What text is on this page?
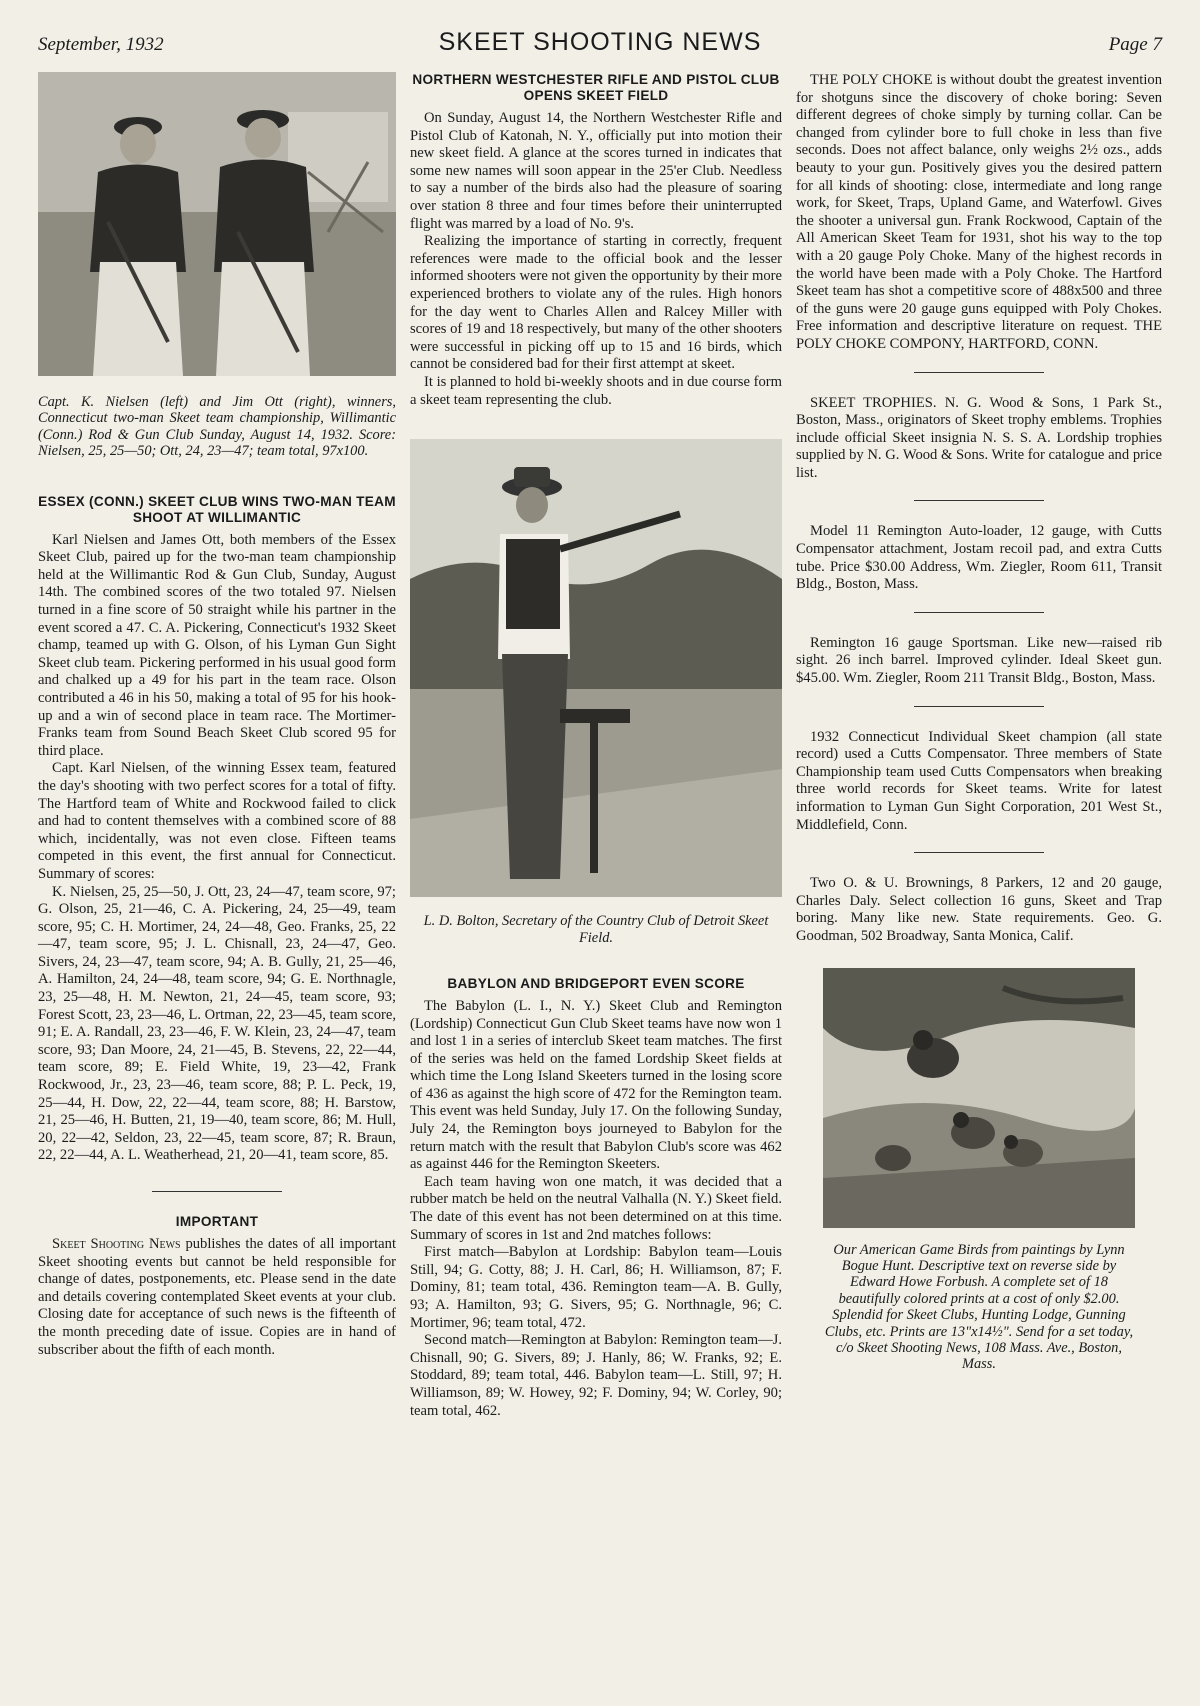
September, 1932	SKEET SHOOTING NEWS	Page 7
Capt. K. Nielsen (left) and Jim Ott (right), winners, Connecticut two-man Skeet team championship, Willimantic (Conn.) Rod & Gun Club Sunday, August 14, 1932. Score: Nielsen, 25, 25—50; Ott, 24, 23—47; team total, 97x100.
ESSEX (CONN.) SKEET CLUB WINS TWO-MAN TEAM SHOOT AT WILLIMANTIC

Karl Nielsen and James Ott, both members of the Essex Skeet Club, paired up for the two-man team championship held at the Willimantic Rod & Gun Club, Sunday, August 14th. The combined scores of the two totaled 97. Nielsen turned in a fine score of 50 straight while his partner in the event scored a 47. C. A. Pickering, Connecticut's 1932 Skeet champ, teamed up with G. Olson, of his Lyman Gun Sight Skeet club team. Pickering performed in his usual good form and chalked up a 49 for his part in the team race. Olson contributed a 46 in his 50, making a total of 95 for his hook-up and a win of second place in team race. The Mortimer-Franks team from Sound Beach Skeet Club scored 95 for third place.

Capt. Karl Nielsen, of the winning Essex team, featured the day's shooting with two perfect scores for a total of fifty. The Hartford team of White and Rockwood failed to click and had to content themselves with a combined score of 88 which, incidentally, was not even close. Fifteen teams competed in this event, the first annual for Connecticut. Summary of scores:

K. Nielsen, 25, 25—50, J. Ott, 23, 24—47, team score, 97; G. Olson, 25, 21—46, C. A. Pickering, 24, 25—49, team score, 95; C. H. Mortimer, 24, 24—48, Geo. Franks, 25, 22—47, team score, 95; J. L. Chisnall, 23, 24—47, Geo. Sivers, 24, 23—47, team score, 94; A. B. Gully, 21, 25—46, A. Hamilton, 24, 24—48, team score, 94; G. E. Northnagle, 23, 25—48, H. M. Newton, 21, 24—45, team score, 93; Forest Scott, 23, 23—46, L. Ortman, 22, 23—45, team score, 91; E. A. Randall, 23, 23—46, F. W. Klein, 23, 24—47, team score, 93; Dan Moore, 24, 21—45, B. Stevens, 22, 22—44, team score, 89; E. Field White, 19, 23—42, Frank Rockwood, Jr., 23, 23—46, team score, 88; P. L. Peck, 19, 25—44, H. Dow, 22, 22—44, team score, 88; H. Barstow, 21, 25—46, H. Butten, 21, 19—40, team score, 86; M. Hull, 20, 22—42, Seldon, 23, 22—45, team score, 87; R. Braun, 22, 22—44, A. L. Weatherhead, 21, 20—41, team score, 85.

IMPORTANT

Skeet Shooting News publishes the dates of all important Skeet shooting events but cannot be held responsible for change of dates, postponements, etc. Please send in the date and details covering contemplated Skeet events at your club. Closing date for acceptance of such news is the fifteenth of the month preceding date of issue. Copies are in hand of subscriber about the fifth of each month.

NORTHERN WESTCHESTER RIFLE AND PISTOL CLUB OPENS SKEET FIELD

On Sunday, August 14, the Northern Westchester Rifle and Pistol Club of Katonah, N. Y., officially put into motion their new skeet field. A glance at the scores turned in indicates that some new names will soon appear in the 25'er Club. Needless to say a number of the birds also had the pleasure of soaring over station 8 three and four times before their uninterrupted flight was marred by a load of No. 9's.

Realizing the importance of starting in correctly, frequent references were made to the official book and the lesser informed shooters were not given the opportunity by their more experienced brothers to violate any of the rules. High honors for the day went to Charles Allen and Ralcey Miller with scores of 19 and 18 respectively, but many of the other shooters were successful in picking off up to 15 and 16 birds, which cannot be considered bad for their first attempt at skeet.

It is planned to hold bi-weekly shoots and in due course form a skeet team representing the club.

L. D. Bolton, Secretary of the Country Club of Detroit Skeet Field.
BABYLON AND BRIDGEPORT EVEN SCORE

The Babylon (L. I., N. Y.) Skeet Club and Remington (Lordship) Connecticut Gun Club Skeet teams have now won 1 and lost 1 in a series of interclub Skeet team matches. The first of the series was held on the famed Lordship Skeet fields at which time the Long Island Skeeters turned in the losing score of 436 as against the high score of 472 for the Remington team. This event was held Sunday, July 17. On the following Sunday, July 24, the Remington boys journeyed to Babylon for the return match with the result that Babylon Club's score was 462 as against 446 for the Remington Skeeters.

Each team having won one match, it was decided that a rubber match be held on the neutral Valhalla (N. Y.) Skeet field. The date of this event has not been determined on at this time. Summary of scores in 1st and 2nd matches follows:

First match—Babylon at Lordship: Babylon team—Louis Still, 94; G. Cotty, 88; J. H. Carl, 86; H. Williamson, 87; F. Dominy, 81; team total, 436. Remington team—A. B. Gully, 93; A. Hamilton, 93; G. Sivers, 95; G. Northnagle, 96; C. Mortimer, 96; team total, 472.

Second match—Remington at Babylon: Remington team—J. Chisnall, 90; G. Sivers, 89; J. Hanly, 86; W. Franks, 92; E. Stoddard, 89; team total, 446. Babylon team—L. Still, 97; H. Williamson, 89; W. Howey, 92; F. Dominy, 94; W. Corley, 90; team total, 462.

THE POLY CHOKE is without doubt the greatest invention for shotguns since the discovery of choke boring: Seven different degrees of choke simply by turning collar. Can be changed from cylinder bore to full choke in less than five seconds. Does not affect balance, only weighs 2½ ozs., adds beauty to your gun. Positively gives you the desired pattern for all kinds of shooting: close, intermediate and long range work, for Skeet, Traps, Upland Game, and Waterfowl. Gives the shooter a universal gun. Frank Rockwood, Captain of the All American Skeet Team for 1931, shot his way to the top with a 20 gauge Poly Choke. Many of the highest records in the world have been made with a Poly Choke. The Hartford Skeet team has shot a competitive score of 488x500 and three of the guns were 20 gauge guns equipped with Poly Chokes. Free information and descriptive literature on request. THE POLY CHOKE COMPONY, HARTFORD, CONN.

SKEET TROPHIES. N. G. Wood & Sons, 1 Park St., Boston, Mass., originators of Skeet trophy emblems. Trophies include official Skeet insignia N. S. S. A. Lordship trophies supplied by N. G. Wood & Sons. Write for catalogue and price list.

Model 11 Remington Auto-loader, 12 gauge, with Cutts Compensator attachment, Jostam recoil pad, and extra Cutts tube. Price $30.00 Address, Wm. Ziegler, Room 611, Transit Bldg., Boston, Mass.

Remington 16 gauge Sportsman. Like new—raised rib sight. 26 inch barrel. Improved cylinder. Ideal Skeet gun. $45.00. Wm. Ziegler, Room 211 Transit Bldg., Boston, Mass.

1932 Connecticut Individual Skeet champion (all state record) used a Cutts Compensator. Three members of State Championship team used Cutts Compensators when breaking three world records for Skeet teams. Write for latest information to Lyman Gun Sight Corporation, 201 West St., Middlefield, Conn.

Two O. & U. Brownings, 8 Parkers, 12 and 20 gauge, Charles Daly. Select collection 16 guns, Skeet and Trap boring. Many like new. State requirements. Geo. G. Goodman, 502 Broadway, Santa Monica, Calif.

Our American Game Birds from paintings by Lynn Bogue Hunt. Descriptive text on reverse side by Edward Howe Forbush. A complete set of 18 beautifully colored prints at a cost of only $2.00. Splendid for Skeet Clubs, Hunting Lodge, Gunning Clubs, etc. Prints are 13"x14½". Send for a set today, c/o Skeet Shooting News, 108 Mass. Ave., Boston, Mass.
